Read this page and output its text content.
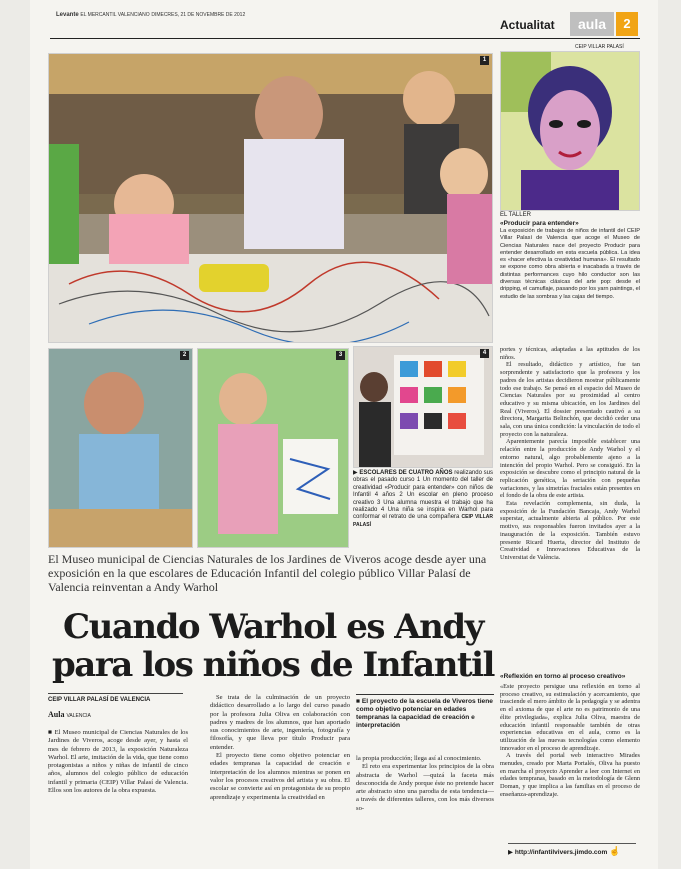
Levante EL MERCANTIL VALENCIANO DIMECRES, 21 DE NOVEMBRE DE 2012
Actualitat	aula	2
1
CEIP VILLAR PALASÍ
EL TALLER
«Producir para entender»
La exposición de trabajos de niños de infantil del CEIP Villar Palasí de Valencia que acoge el Museo de Ciencias Naturales nace del proyecto Producir para entender desarrollado en esta escuela pública. La idea es «hacer efectiva la creatividad humana». El resultado se expone como obra abierta e inacabada a través de distintas performances cuyo hilo conductor son las diversas técnicas clásicas del arte pop: desde el dripping, el camuflaje, pasando por los yarn paintings, el estudio de las sombras y las cajas del tiempo.
2	3	4
▶ ESCOLARES DE CUATRO AÑOS realizando sus obras el pasado curso 1 Un momento del taller de creatividad «Producir para entender» con niños de Infantil 4 años 2 Un escolar en pleno proceso creativo 3 Una alumna muestra el trabajo que ha realizado 4 Una niña se inspira en Warhol para conformar el retrato de una compañera CEIP VILLAR PALASÍ

portes y técnicas, adaptadas a las aptitudes de los niños.

El resultado, didáctico y artístico, fue tan sorprendente y satisfactorio que la profesora y los padres de los artistas decidieron mostrar públicamente todo ese trabajo. Se pensó en el espacio del Museo de Ciencias Naturales por su proximidad al centro educativo y su misma ubicación, en los Jardines del Real (Viveros). El dossier presentado cautivó a su directora, Margarita Belinchón, que decidió ceder una sala, con una única condición: la vinculación de todo el proyecto con la naturaleza.

Aparentemente parecía imposible establecer una relación entre la producción de Andy Warhol y el entorno natural, algo probablemente ajeno a la intención del propio Warhol. Pero se consiguió. En la exposición se descubre como el principio natural de la replicación genética, la seriación con pequeñas variaciones, y las simetrías fractales están presentes en el fondo de la obra de este artista.

Esta revelación complementa, sin duda, la exposición de la Fundación Bancaja, Andy Warhol superstar, actualmente abierta al público. Por este motivo, sus responsables fueron invitados ayer a la inauguración de la exposición. También estuvo presente Ricard Huerta, director del Instituto de Creatividad e Innovaciones Educativas de la Universitat de València.

«Reflexión en torno al proceso creativo»

«Este proyecto persigue una reflexión en torno al proceso creativo, su estimulación y acercamiento, que trasciende el mero ámbito de la pedagogía y se adentra en el axioma de que el arte no es patrimonio de una élite privilegiada», explica Julia Oliva, maestra de educación infantil responsable también de otras experiencias educativas en el aula, como es la utilización de las nuevas tecnologías como elemento innovador en el proceso de aprendizaje.

A través del portal web interactivo Mirades menudes, creado por Marta Portalés, Oliva ha puesto en marcha el proyecto Aprender a leer con Internet en edades tempranas, basado en la metodología de Glenn Doman, y que implica a las familias en el proceso de enseñanza-aprendizaje.

▶ http://infantilvivers.jimdo.com ☝
El Museo municipal de Ciencias Naturales de los Jardines de Viveros acoge desde ayer una exposición en la que escolares de Educación Infantil del colegio público Villar Palasí de Valencia reinventan a Andy Warhol
Cuando Warhol es Andy
para los niños de Infantil
CEIP VILLAR PALASÍ DE VALENCIA
Aula VALENCIA

■ El Museo municipal de Ciencias Naturales de los Jardines de Viveros, acoge desde ayer, y hasta el mes de febrero de 2013, la exposición Naturaleza Warhol. El arte, imitación de la vida, que tiene como protagonistas a niños y niñas de infantil de cinco años, alumnos del colegio público de educación infantil y primaria (CEIP) Villar Palasí de Valencia. Ellos son los autores de la obra expuesta.

Se trata de la culminación de un proyecto didáctico desarrollado a lo largo del curso pasado por la profesora Julia Oliva en colaboración con padres y madres de los alumnos, que han aportado sus conocimientos de arte, ingeniería, fotografía y filosofía, y que lleva por título Producir para entender.

El proyecto tiene como objetivo potenciar en edades tempranas la capacidad de creación e interpretación de los alumnos mientras se ponen en valor los procesos creativos del artista y su obra. El escolar se convierte así en protagonista de su propio aprendizaje y experimenta la creatividad en

■ El proyecto de la escuela de Viveros tiene como objetivo potenciar en edades tempranas la capacidad de creación e interpretación

la propia producción; llega así al conocimiento.

El reto era experimentar los principios de la obra abstracta de Warhol —quizá la faceta más desconocida de Andy porque éste no pretende hacer arte abstracto sino una parodia de esta tendencia— a través de diferentes talleres, con los más diversos so-
